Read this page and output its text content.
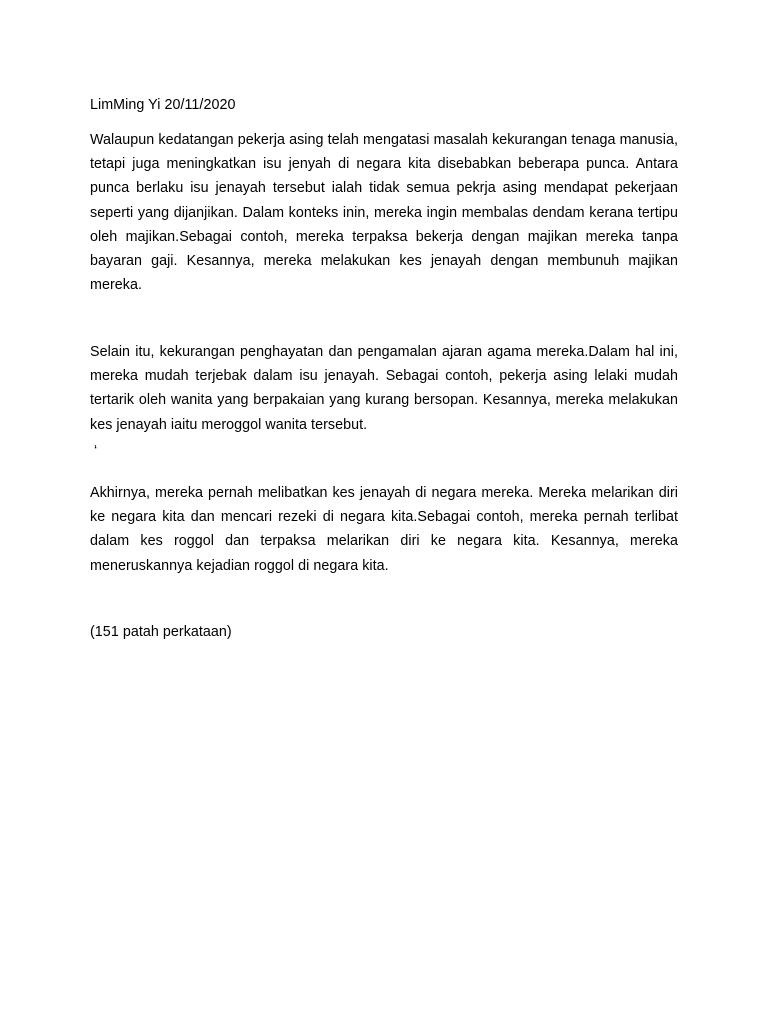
LimMing Yi 20/11/2020
Walaupun kedatangan pekerja asing telah mengatasi masalah kekurangan tenaga manusia, tetapi juga meningkatkan isu jenyah di negara kita disebabkan beberapa punca. Antara punca berlaku isu jenayah tersebut ialah tidak semua pekrja asing mendapat pekerjaan seperti yang dijanjikan. Dalam konteks inin, mereka ingin membalas dendam kerana tertipu oleh majikan.Sebagai contoh, mereka terpaksa bekerja dengan majikan mereka tanpa bayaran gaji. Kesannya, mereka melakukan kes jenayah dengan membunuh majikan mereka.
Selain itu, kekurangan penghayatan dan pengamalan ajaran agama mereka.Dalam hal ini, mereka mudah terjebak dalam isu jenayah. Sebagai contoh, pekerja asing lelaki mudah tertarik oleh wanita yang berpakaian yang kurang bersopan. Kesannya, mereka melakukan kes jenayah iaitu meroggol wanita tersebut.
‘
Akhirnya, mereka pernah melibatkan kes jenayah di negara mereka. Mereka melarikan diri ke negara kita dan mencari rezeki di negara kita.Sebagai contoh, mereka pernah terlibat dalam kes roggol dan terpaksa melarikan diri ke negara kita. Kesannya, mereka meneruskannya kejadian roggol di negara kita.
(151 patah perkataan)
